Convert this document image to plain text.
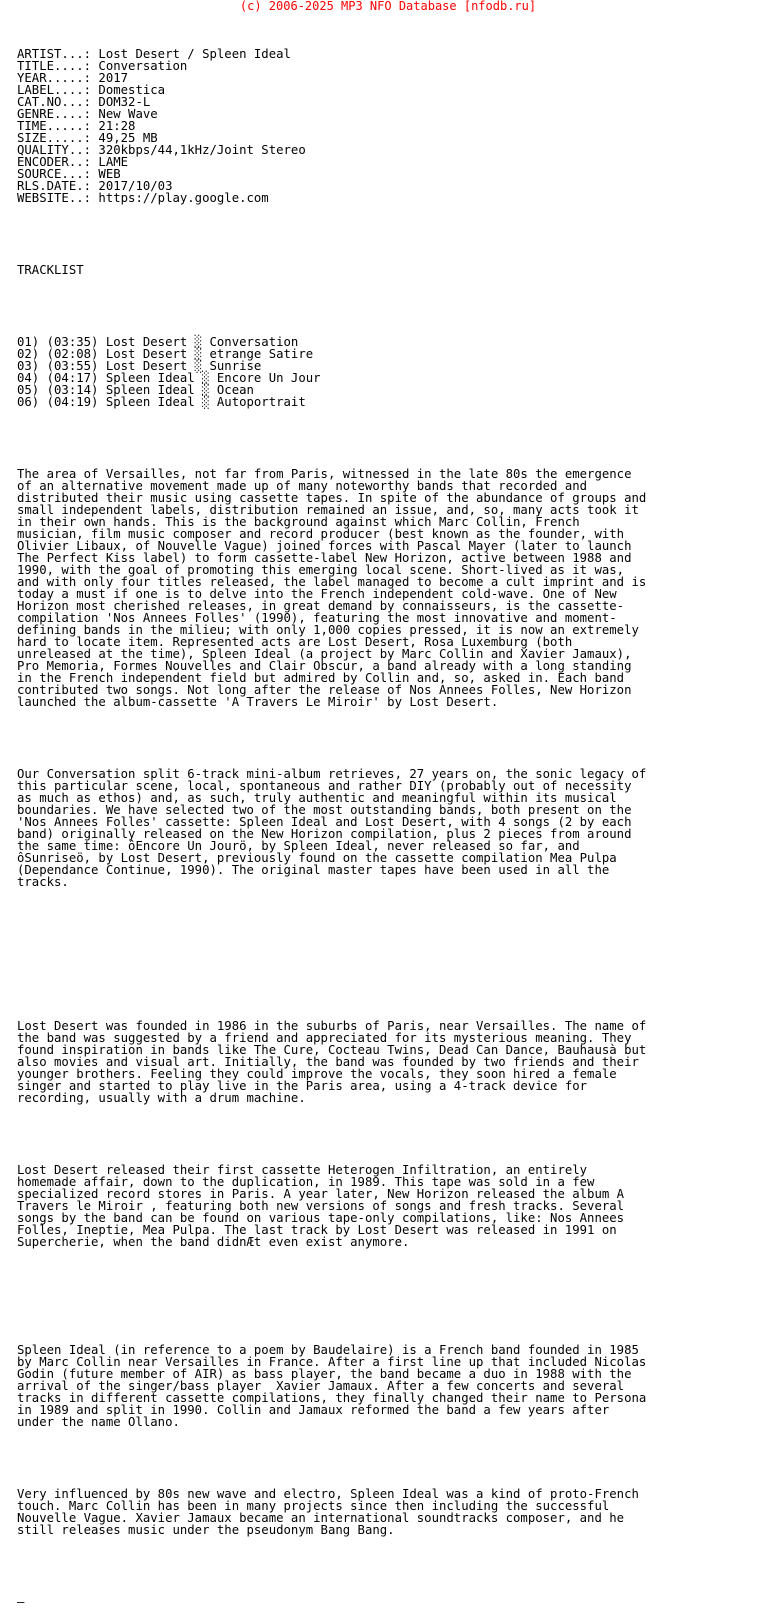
(c) 2006-2025 MP3 NFO Database [nfodb.ru]

ARTIST...: Lost Desert / Spleen Ideal
TITLE....: Conversation
YEAR.....: 2017
LABEL....: Domestica
CAT.NO...: DOM32-L
GENRE....: New Wave
TIME.....: 21:28
SIZE.....: 49,25 MB
QUALITY..: 320kbps/44,1kHz/Joint Stereo
ENCODER..: LAME
SOURCE...: WEB
RLS.DATE.: 2017/10/03
WEBSITE..: https://play.google.com

TRACKLIST

01) (03:35) Lost Desert ░ Conversation
02) (02:08) Lost Desert ░ etrange Satire
03) (03:55) Lost Desert ░ Sunrise
04) (04:17) Spleen Ideal ░ Encore Un Jour
05) (03:14) Spleen Ideal ░ Ocean
06) (04:19) Spleen Ideal ░ Autoportrait

The area of Versailles, not far from Paris, witnessed in the late 80s the emergence
of an alternative movement made up of many noteworthy bands that recorded and
distributed their music using cassette tapes. In spite of the abundance of groups and
small independent labels, distribution remained an issue, and, so, many acts took it
in their own hands. This is the background against which Marc Collin, French
musician, film music composer and record producer (best known as the founder, with
Olivier Libaux, of Nouvelle Vague) joined forces with Pascal Mayer (later to launch
The Perfect Kiss label) to form cassette-label New Horizon, active between 1988 and
1990, with the goal of promoting this emerging local scene. Short-lived as it was,
and with only four titles released, the label managed to become a cult imprint and is
today a must if one is to delve into the French independent cold-wave. One of New
Horizon most cherished releases, in great demand by connaisseurs, is the cassette-
compilation 'Nos Annees Folles' (1990), featuring the most innovative and moment-
defining bands in the milieu; with only 1,000 copies pressed, it is now an extremely
hard to locate item. Represented acts are Lost Desert, Rosa Luxemburg (both
unreleased at the time), Spleen Ideal (a project by Marc Collin and Xavier Jamaux),
Pro Memoria, Formes Nouvelles and Clair Obscur, a band already with a long standing
in the French independent field but admired by Collin and, so, asked in. Each band
contributed two songs. Not long after the release of Nos Annees Folles, New Horizon
launched the album-cassette 'A Travers Le Miroir' by Lost Desert.

Our Conversation split 6-track mini-album retrieves, 27 years on, the sonic legacy of
this particular scene, local, spontaneous and rather DIY (probably out of necessity
as much as ethos) and, as such, truly authentic and meaningful within its musical
boundaries. We have selected two of the most outstanding bands, both present on the
'Nos Annees Folles' cassette: Spleen Ideal and Lost Desert, with 4 songs (2 by each
band) originally released on the New Horizon compilation, plus 2 pieces from around
the same time: ôEncore Un Jourö, by Spleen Ideal, never released so far, and
ôSunriseö, by Lost Desert, previously found on the cassette compilation Mea Pulpa
(Dependance Continue, 1990). The original master tapes have been used in all the
tracks.

Lost Desert was founded in 1986 in the suburbs of Paris, near Versailles. The name of
the band was suggested by a friend and appreciated for its mysterious meaning. They
found inspiration in bands like The Cure, Cocteau Twins, Dead Can Dance, Bauhausà but
also movies and visual art. Initially, the band was founded by two friends and their
younger brothers. Feeling they could improve the vocals, they soon hired a female
singer and started to play live in the Paris area, using a 4-track device for
recording, usually with a drum machine.

Lost Desert released their first cassette Heterogen Infiltration, an entirely
homemade affair, down to the duplication, in 1989. This tape was sold in a few
specialized record stores in Paris. A year later, New Horizon released the album A
Travers le Miroir , featuring both new versions of songs and fresh tracks. Several
songs by the band can be found on various tape-only compilations, like: Nos Annees
Folles, Ineptie, Mea Pulpa. The last track by Lost Desert was released in 1991 on
Supercherie, when the band didnÆt even exist anymore.

Spleen Ideal (in reference to a poem by Baudelaire) is a French band founded in 1985
by Marc Collin near Versailles in France. After a first line up that included Nicolas
Godin (future member of AIR) as bass player, the band became a duo in 1988 with the
arrival of the singer/bass player  Xavier Jamaux. After a few concerts and several
tracks in different cassette compilations, they finally changed their name to Persona
in 1989 and split in 1990. Collin and Jamaux reformed the band a few years after
under the name Ollano.

Very influenced by 80s new wave and electro, Spleen Ideal was a kind of proto-French
touch. Marc Collin has been in many projects since then including the successful
Nouvelle Vague. Xavier Jamaux became an international soundtracks composer, and he
still releases music under the pseudonym Bang Bang.

–
